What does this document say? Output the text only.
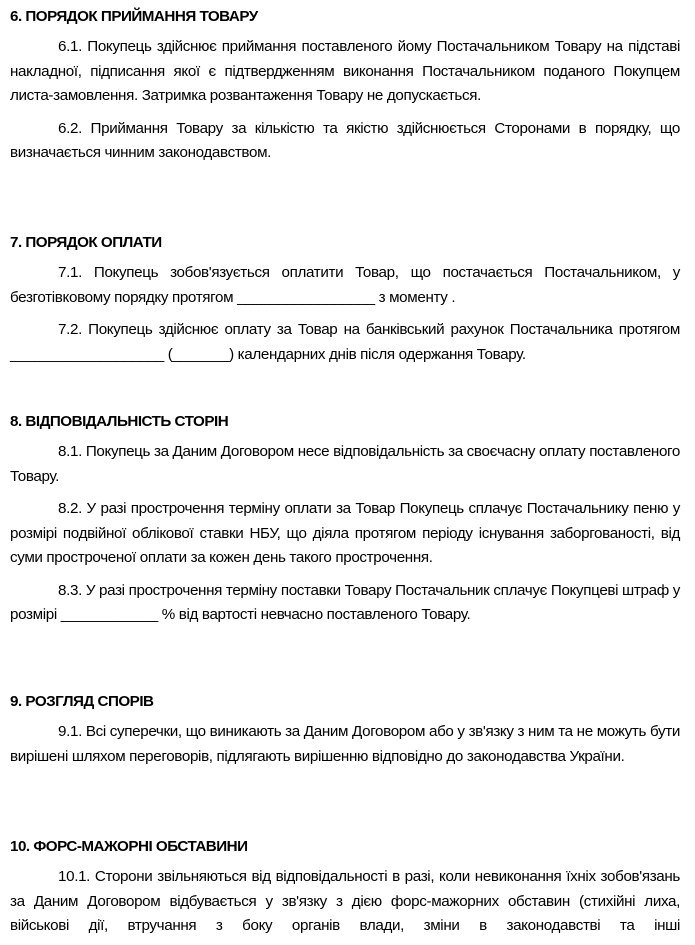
6. ПОРЯДОК ПРИЙМАННЯ ТОВАРУ

6.1. Покупець здійснює приймання поставленого йому Постачальником Товару на підставі накладної, підписання якої є підтвердженням виконання Постачальником поданого Покупцем листа-замовлення. Затримка розвантаження Товару не допускається.

6.2. Приймання Товару за кількістю та якістю здійснюється Сторонами в порядку, що визначається чинним законодавством.

7. ПОРЯДОК ОПЛАТИ

7.1. Покупець зобов'язується оплатити Товар, що постачається Постачальником, у безготівковому порядку протягом _________________ з моменту .

7.2. Покупець здійснює оплату за Товар на банківський рахунок Постачальника протягом ___________________ (_______) календарних днів після одержання Товару.

8. ВІДПОВІДАЛЬНІСТЬ СТОРІН

8.1. Покупець за Даним Договором несе відповідальність за своєчасну оплату поставленого Товару.

8.2. У разі прострочення терміну оплати за Товар Покупець сплачує Постачальнику пеню у розмірі подвійної облікової ставки НБУ, що діяла протягом періоду існування заборгованості, від суми простроченої оплати за кожен день такого прострочення.

8.3. У разі прострочення терміну поставки Товару Постачальник сплачує Покупцеві штраф у розмірі ____________ % від вартості невчасно поставленого Товару.

9. РОЗГЛЯД СПОРІВ

9.1. Всі суперечки, що виникають за Даним Договором або у зв'язку з ним та не можуть бути вирішені шляхом переговорів, підлягають вирішенню відповідно до законодавства України.

10. ФОРС-МАЖОРНІ ОБСТАВИНИ

10.1. Сторони звільняються від відповідальності в разі, коли невиконання їхніх зобов'язань за Даним Договором відбувається у зв'язку з дією форс-мажорних обставин (стихійні лиха, військові дії, втручання з боку органів влади, зміни в законодавстві та інші
